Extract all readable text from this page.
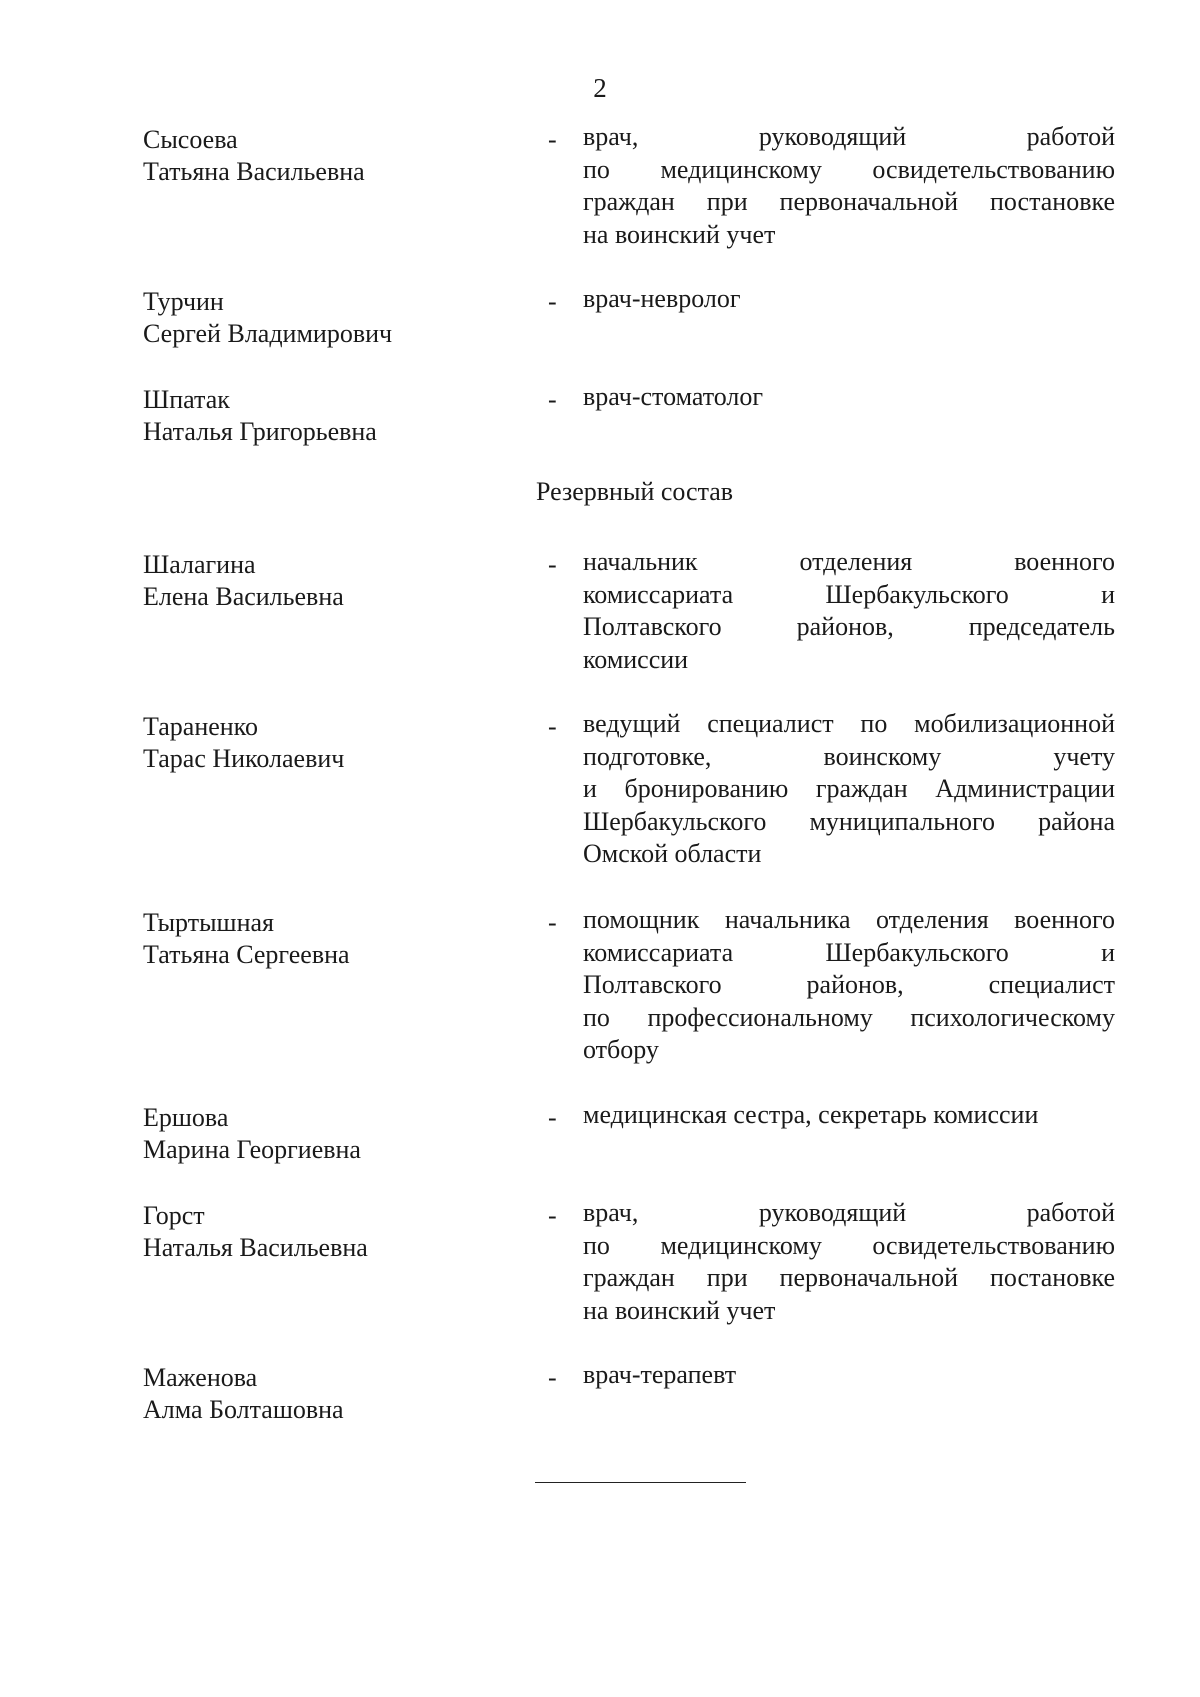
2
Сысоева
Татьяна Васильевна
- врач, руководящий работой
по медицинскому освидетельствованию
граждан при первоначальной постановке
на воинский учет
Турчин
Сергей Владимирович
- врач-невролог
Шпатак
Наталья Григорьевна
- врач-стоматолог
Резервный состав
Шалагина
Елена Васильевна
- начальник отделения военного
комиссариата Шербакульского и
Полтавского районов, председатель
комиссии
Тараненко
Тарас Николаевич
- ведущий специалист по мобилизационной
подготовке, воинскому учету
и бронированию граждан Администрации
Шербакульского муниципального района
Омской области
Тыртышная
Татьяна Сергеевна
- помощник начальника отделения военного
комиссариата Шербакульского и
Полтавского районов, специалист
по профессиональному психологическому
отбору
Ершова
Марина Георгиевна
- медицинская сестра, секретарь комиссии
Горст
Наталья Васильевна
- врач, руководящий работой
по медицинскому освидетельствованию
граждан при первоначальной постановке
на воинский учет
Маженова
Алма Болташовна
- врач-терапевт
